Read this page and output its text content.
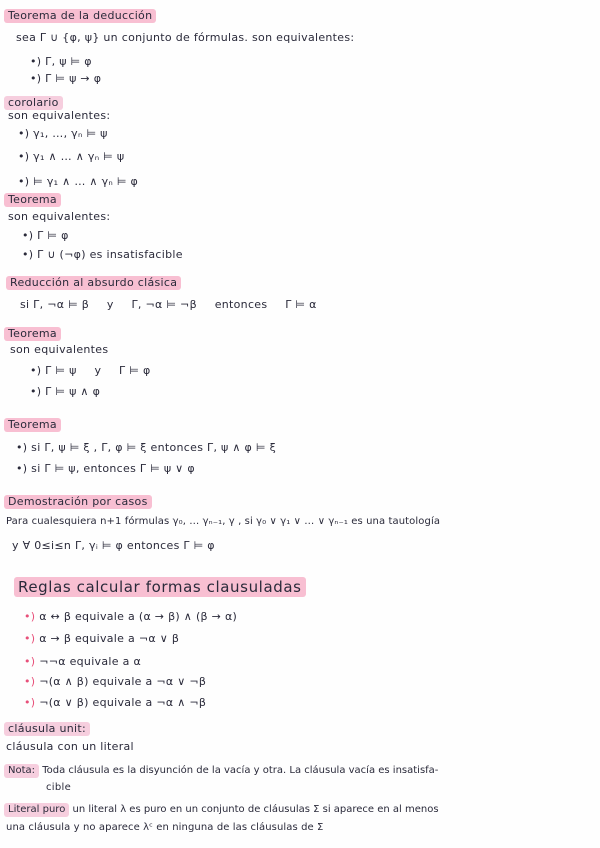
Teorema de la deducción
sea Γ ∪ {φ, ψ} un conjunto de fórmulas. son equivalentes:
•) Γ, ψ ⊨ φ
•) Γ ⊨ ψ → φ
corolario
son equivalentes:
•) γ₁, …, γₙ ⊨ ψ
•) γ₁ ∧ … ∧ γₙ ⊨ ψ
•) ⊨ γ₁ ∧ … ∧ γₙ ⊨ φ
Teorema
son equivalentes:
•) Γ ⊨ φ
•) Γ ∪ (¬φ) es insatisfacible
Reducción al absurdo clásica
si Γ, ¬α ⊨ β y Γ, ¬α ⊨ ¬β entonces Γ ⊨ α
Teorema
son equivalentes
•) Γ ⊨ ψ y Γ ⊨ φ
•) Γ ⊨ ψ ∧ φ
Teorema
•) si Γ, ψ ⊨ ξ , Γ, φ ⊨ ξ entonces Γ, ψ ∧ φ ⊨ ξ
•) si Γ ⊨ ψ, entonces Γ ⊨ ψ ∨ φ
Demostración por casos
Para cualesquiera n+1 fórmulas γ₀, … γₙ₋₁, γ , si γ₀ ∨ γ₁ ∨ … ∨ γₙ₋₁ es una tautología
y ∀ 0≤i≤n Γ, γᵢ ⊨ φ entonces Γ ⊨ φ
Reglas calcular formas clausuladas
•) α ↔ β equivale a (α → β) ∧ (β → α)
•) α → β equivale a ¬α ∨ β
•) ¬¬α equivale a α
•) ¬(α ∧ β) equivale a ¬α ∨ ¬β
•) ¬(α ∨ β) equivale a ¬α ∧ ¬β
cláusula unit:
cláusula con un literal
Nota: Toda cláusula es la disyunción de la vacía y otra. La cláusula vacía es insatisfa-
cible
Literal puro un literal λ es puro en un conjunto de cláusulas Σ si aparece en al menos
una cláusula y no aparece λᶜ en ninguna de las cláusulas de Σ
